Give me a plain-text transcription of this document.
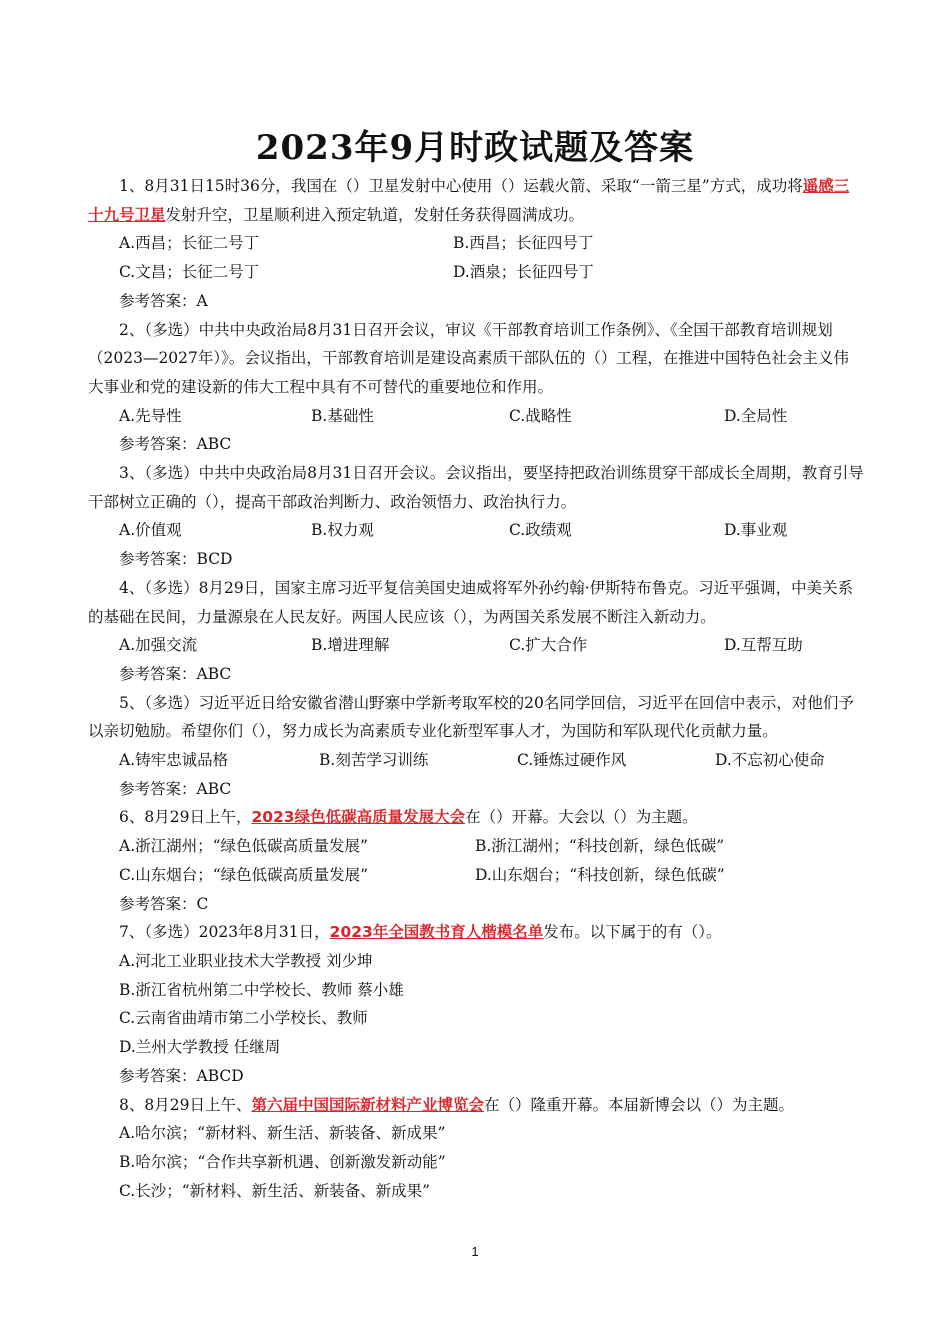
2023年9月时政试题及答案

1、8月31日15时36分，我国在（）卫星发射中心使用（）运载火箭、采取“一箭三星”方式，成功将遥感三十九号卫星发射升空，卫星顺利进入预定轨道，发射任务获得圆满成功。

A.西昌；长征二号丁	B.西昌；长征四号丁
C.文昌；长征二号丁	D.酒泉；长征四号丁

参考答案：A

2、（多选）中共中央政治局8月31日召开会议，审议《干部教育培训工作条例》、《全国干部教育培训规划（2023—2027年）》。会议指出，干部教育培训是建设高素质干部队伍的（）工程，在推进中国特色社会主义伟大事业和党的建设新的伟大工程中具有不可替代的重要地位和作用。

A.先导性	B.基础性	C.战略性	D.全局性

参考答案：ABC

3、（多选）中共中央政治局8月31日召开会议。会议指出，要坚持把政治训练贯穿干部成长全周期，教育引导干部树立正确的（），提高干部政治判断力、政治领悟力、政治执行力。

A.价值观	B.权力观	C.政绩观	D.事业观

参考答案：BCD

4、（多选）8月29日，国家主席习近平复信美国史迪威将军外孙约翰·伊斯特布鲁克。习近平强调，中美关系的基础在民间，力量源泉在人民友好。两国人民应该（），为两国关系发展不断注入新动力。

A.加强交流	B.增进理解	C.扩大合作	D.互帮互助

参考答案：ABC

5、（多选）习近平近日给安徽省潜山野寨中学新考取军校的20名同学回信，习近平在回信中表示，对他们予以亲切勉励。希望你们（），努力成长为高素质专业化新型军事人才，为国防和军队现代化贡献力量。

A.铸牢忠诚品格	B.刻苦学习训练	C.锤炼过硬作风	D.不忘初心使命

参考答案：ABC

6、8月29日上午，2023绿色低碳高质量发展大会在（）开幕。大会以（）为主题。

A.浙江湖州；“绿色低碳高质量发展”	B.浙江湖州；“科技创新，绿色低碳”
C.山东烟台；“绿色低碳高质量发展”	D.山东烟台；“科技创新，绿色低碳”

参考答案：C

7、（多选）2023年8月31日，2023年全国教书育人楷模名单发布。以下属于的有（）。

A.河北工业职业技术大学教授 刘少坤

B.浙江省杭州第二中学校长、教师 蔡小雄

C.云南省曲靖市第二小学校长、教师

D.兰州大学教授 任继周

参考答案：ABCD

8、8月29日上午、第六届中国国际新材料产业博览会在（）隆重开幕。本届新博会以（）为主题。

A.哈尔滨；“新材料、新生活、新装备、新成果”

B.哈尔滨；“合作共享新机遇、创新激发新动能”

C.长沙；“新材料、新生活、新装备、新成果”

1
